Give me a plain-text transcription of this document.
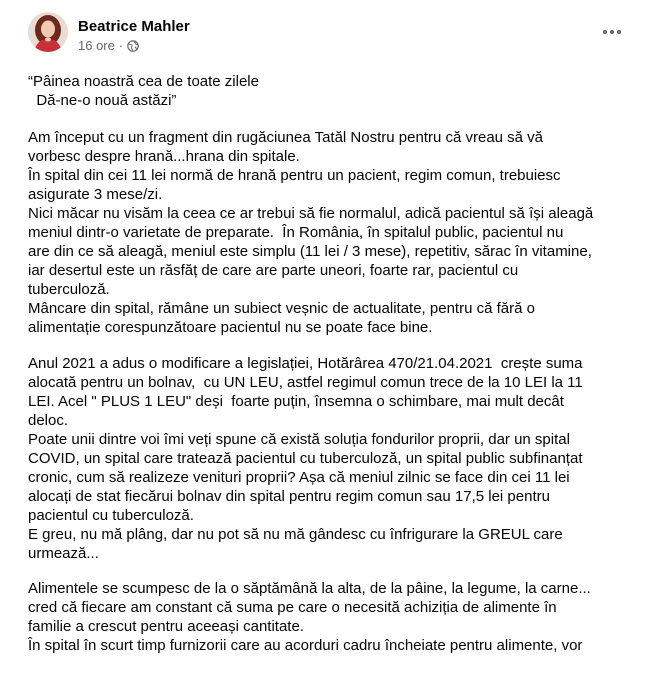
Beatrice Mahler
16 ore ·

“Pâinea noastră cea de toate zilele
Dă-ne-o nouă astăzi”

Am început cu un fragment din rugăciunea Tatăl Nostru pentru că vreau să vă
vorbesc despre hrană...hrana din spitale.
În spital din cei 11 lei normă de hrană pentru un pacient, regim comun, trebuiesc
asigurate 3 mese/zi.
Nici măcar nu visăm la ceea ce ar trebui să fie normalul, adică pacientul să își aleagă
meniul dintr-o varietate de preparate.  În România, în spitalul public, pacientul nu
are din ce să aleagă, meniul este simplu (11 lei / 3 mese), repetitiv, sărac în vitamine,
iar desertul este un răsfăț de care are parte uneori, foarte rar, pacientul cu
tuberculoză.
Mâncare din spital, rămâne un subiect veșnic de actualitate, pentru că fără o
alimentație corespunzătoare pacientul nu se poate face bine.

Anul 2021 a adus o modificare a legislației, Hotărârea 470/21.04.2021  crește suma
alocată pentru un bolnav,  cu UN LEU, astfel regimul comun trece de la 10 LEI la 11
LEI. Acel " PLUS 1 LEU" deși  foarte puțin, însemna o schimbare, mai mult decât
deloc.
Poate unii dintre voi îmi veți spune că există soluția fondurilor proprii, dar un spital
COVID, un spital care tratează pacientul cu tuberculoză, un spital public subfinanțat
cronic, cum să realizeze venituri proprii? Așa că meniul zilnic se face din cei 11 lei
alocați de stat fiecărui bolnav din spital pentru regim comun sau 17,5 lei pentru
pacientul cu tuberculoză.
E greu, nu mă plâng, dar nu pot să nu mă gândesc cu înfrigurare la GREUL care
urmează...

Alimentele se scumpesc de la o săptămână la alta, de la pâine, la legume, la carne...
cred că fiecare am constant că suma pe care o necesită achiziția de alimente în
familie a crescut pentru aceeași cantitate.
În spital în scurt timp furnizorii care au acorduri cadru încheiate pentru alimente, vor
